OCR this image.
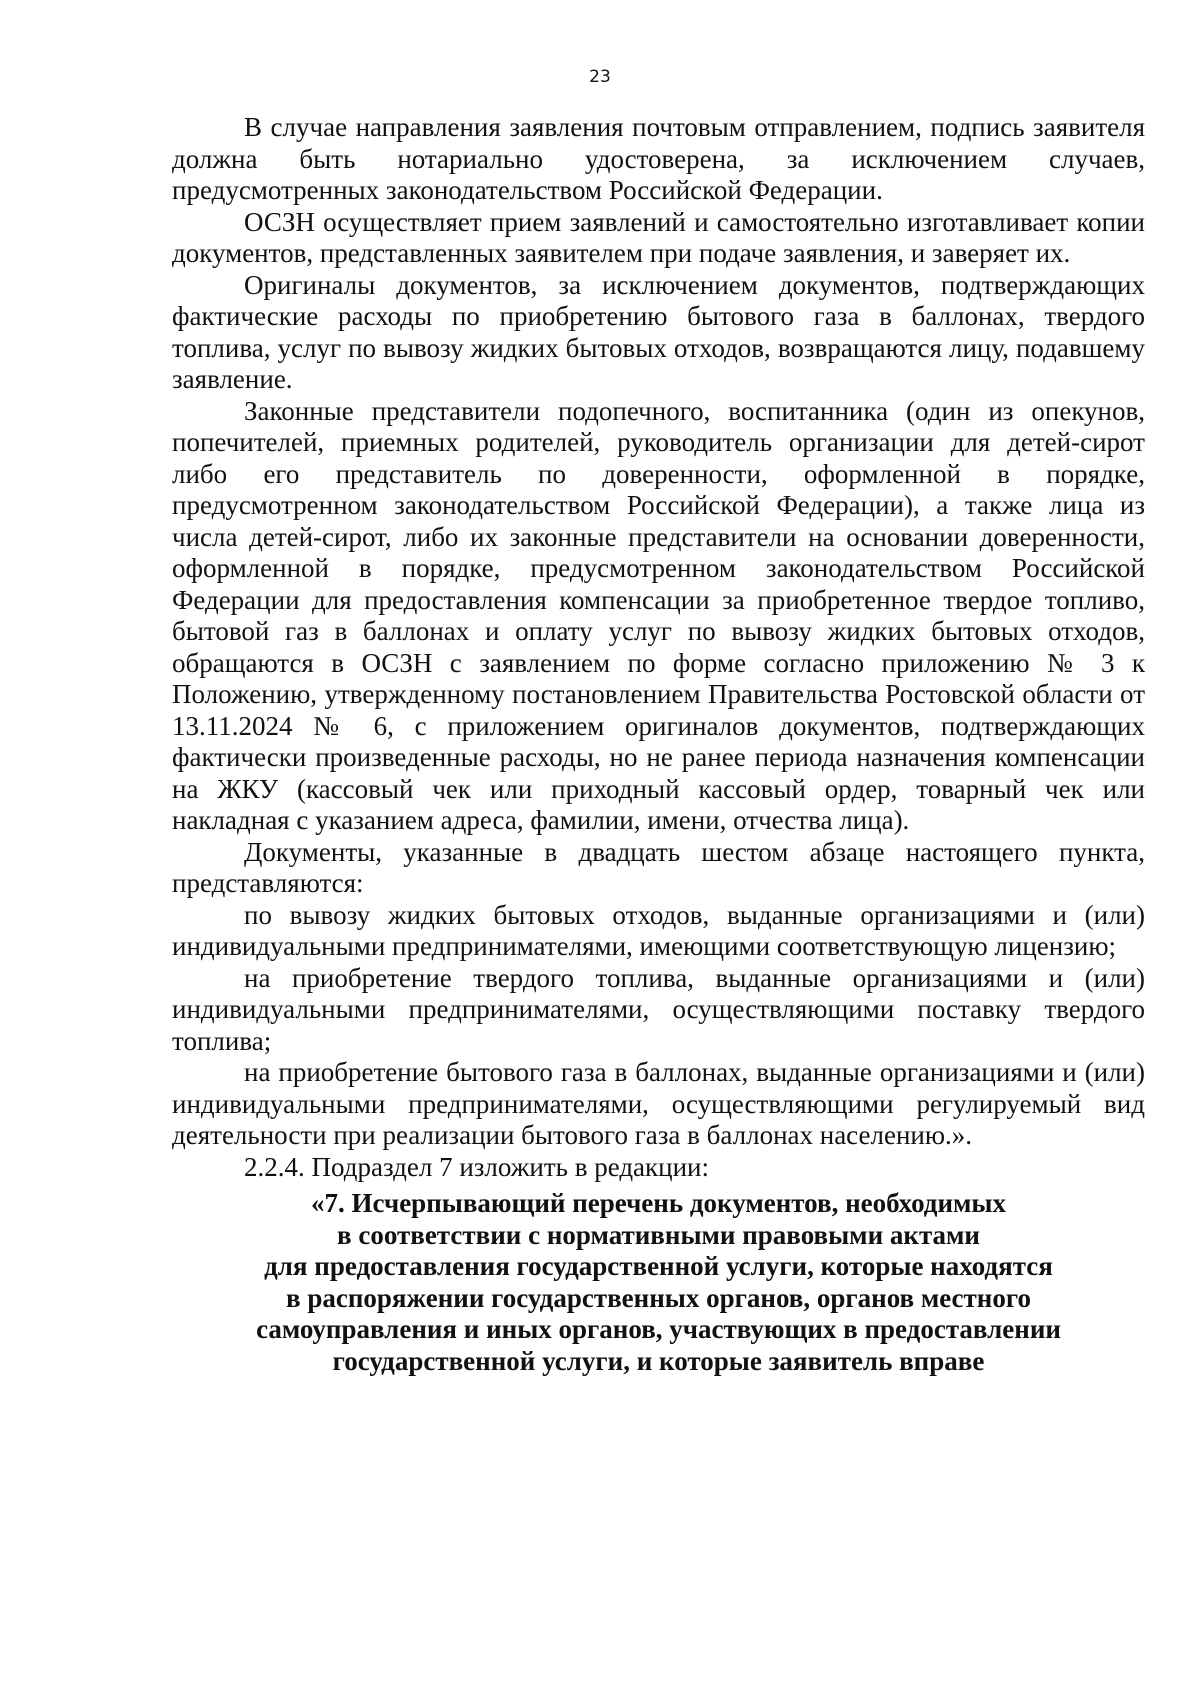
23

В случае направления заявления почтовым отправлением, подпись заявителя должна быть нотариально удостоверена, за исключением случаев, предусмотренных законодательством Российской Федерации.

ОСЗН осуществляет прием заявлений и самостоятельно изготавливает копии документов, представленных заявителем при подаче заявления, и заверяет их.

Оригиналы документов, за исключением документов, подтверждающих фактические расходы по приобретению бытового газа в баллонах, твердого топлива, услуг по вывозу жидких бытовых отходов, возвращаются лицу, подавшему заявление.

Законные представители подопечного, воспитанника (один из опекунов, попечителей, приемных родителей, руководитель организации для детей-сирот либо его представитель по доверенности, оформленной в порядке, предусмотренном законодательством Российской Федерации), а также лица из числа детей-сирот, либо их законные представители на основании доверенности, оформленной в порядке, предусмотренном законодательством Российской Федерации для предоставления компенсации за приобретенное твердое топливо, бытовой газ в баллонах и оплату услуг по вывозу жидких бытовых отходов, обращаются в ОСЗН с заявлением по форме согласно приложению № 3 к Положению, утвержденному постановлением Правительства Ростовской области от 13.11.2024 № 6, с приложением оригиналов документов, подтверждающих фактически произведенные расходы, но не ранее периода назначения компенсации на ЖКУ (кассовый чек или приходный кассовый ордер, товарный чек или накладная с указанием адреса, фамилии, имени, отчества лица).

Документы, указанные в двадцать шестом абзаце настоящего пункта, представляются:

по вывозу жидких бытовых отходов, выданные организациями и (или) индивидуальными предпринимателями, имеющими соответствующую лицензию;

на приобретение твердого топлива, выданные организациями и (или) индивидуальными предпринимателями, осуществляющими поставку твердого топлива;

на приобретение бытового газа в баллонах, выданные организациями и (или) индивидуальными предпринимателями, осуществляющими регулируемый вид деятельности при реализации бытового газа в баллонах населению.».

2.2.4. Подраздел 7 изложить в редакции:

«7. Исчерпывающий перечень документов, необходимых
в соответствии с нормативными правовыми актами
для предоставления государственной услуги, которые находятся
в распоряжении государственных органов, органов местного
самоуправления и иных органов, участвующих в предоставлении
государственной услуги, и которые заявитель вправе
